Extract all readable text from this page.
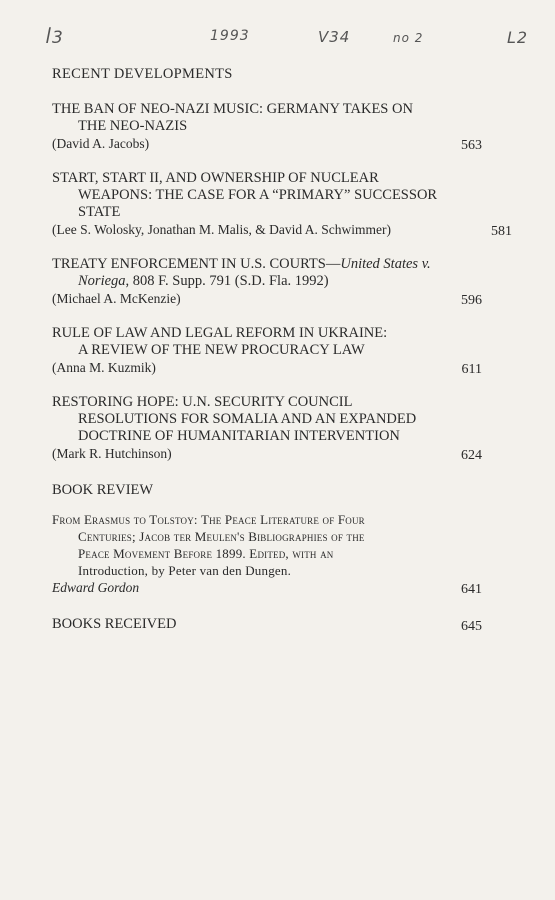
ꟾ3	1993	V34	no 2	L2
RECENT DEVELOPMENTS

THE BAN OF NEO-NAZI MUSIC: GERMANY TAKES ON
THE NEO-NAZIS

(David A. Jacobs)	563

START, START II, AND OWNERSHIP OF NUCLEAR
WEAPONS: THE CASE FOR A “PRIMARY” SUCCESSOR
STATE

(Lee S. Wolosky, Jonathan M. Malis, & David A. Schwimmer)	581

TREATY ENFORCEMENT IN U.S. COURTS—United States v.
Noriega, 808 F. Supp. 791 (S.D. Fla. 1992)

(Michael A. McKenzie)	596

RULE OF LAW AND LEGAL REFORM IN UKRAINE:
A REVIEW OF THE NEW PROCURACY LAW

(Anna M. Kuzmik)	611

RESTORING HOPE: U.N. SECURITY COUNCIL
RESOLUTIONS FOR SOMALIA AND AN EXPANDED
DOCTRINE OF HUMANITARIAN INTERVENTION

(Mark R. Hutchinson)	624
BOOK REVIEW

From Erasmus to Tolstoy: The Peace Literature of Four
Centuries; Jacob ter Meulen's Bibliographies of the
Peace Movement Before 1899. Edited, with an
Introduction, by Peter van den Dungen.

Edward Gordon	641
BOOKS RECEIVED	645
